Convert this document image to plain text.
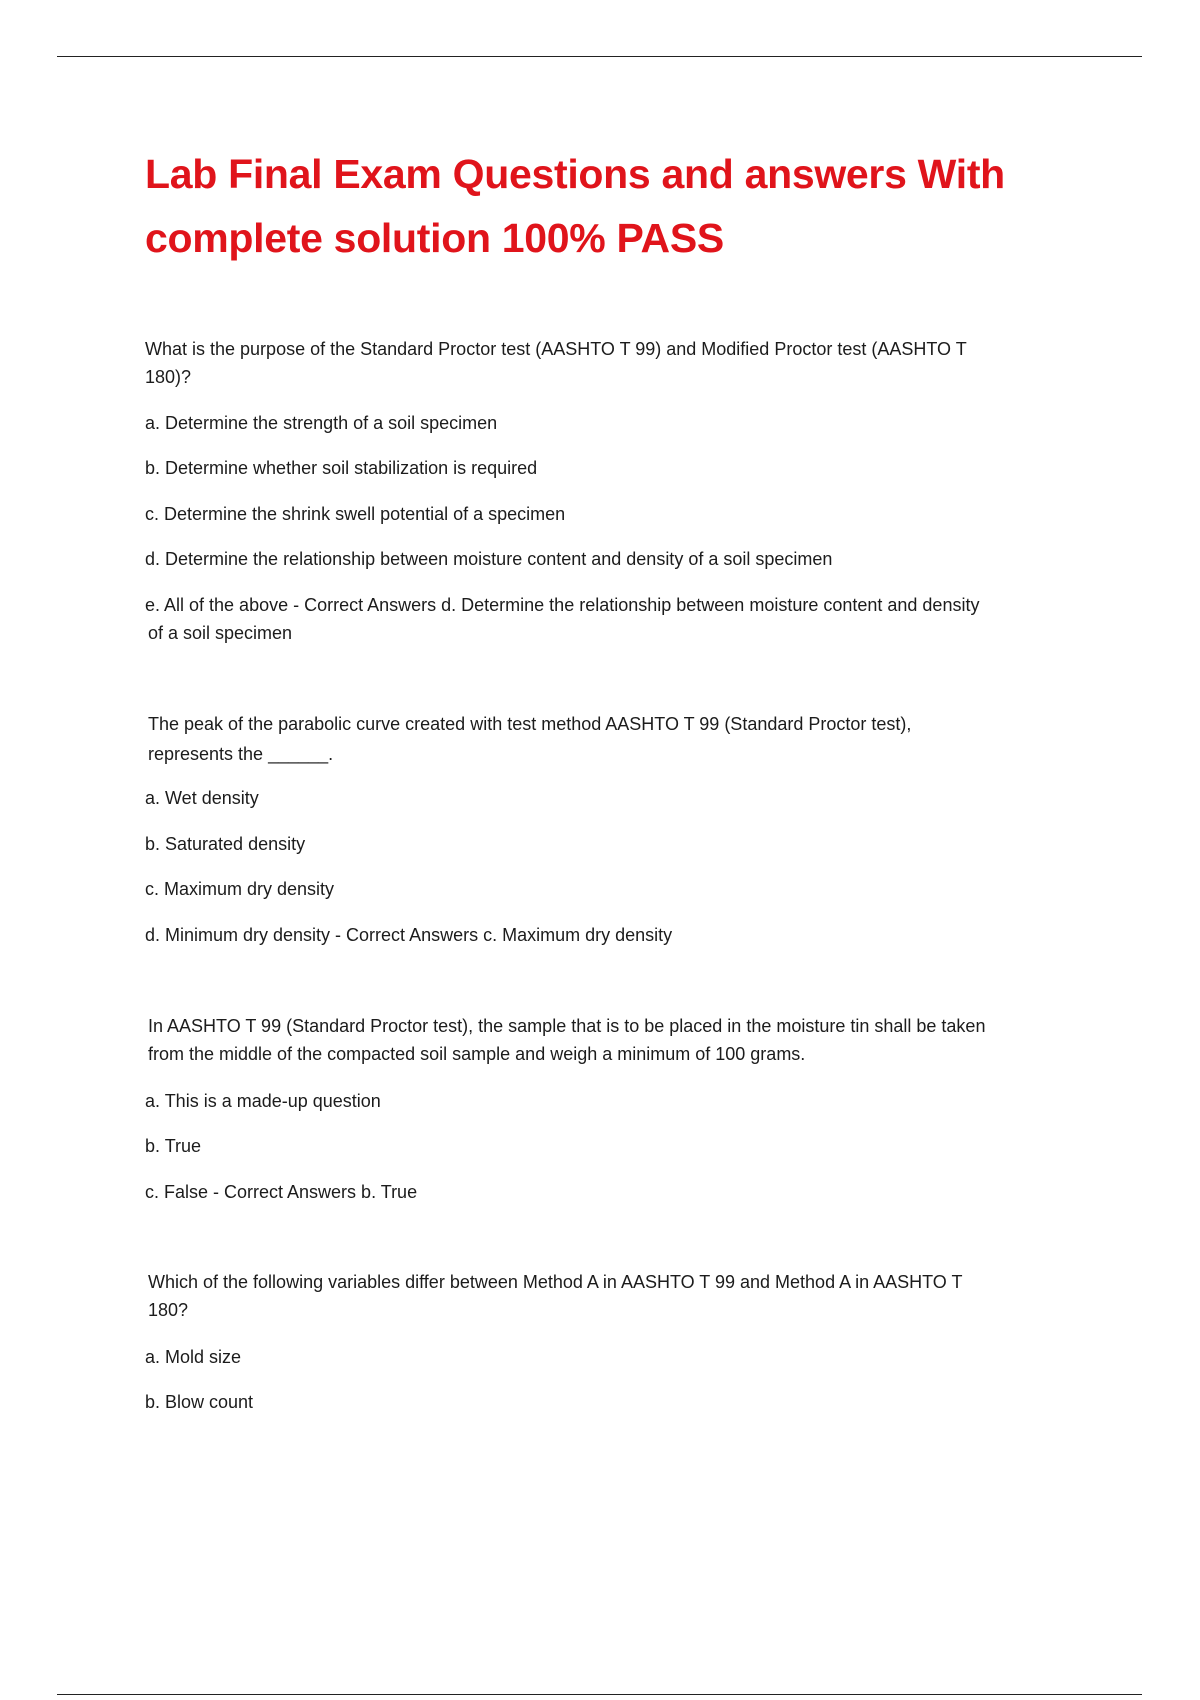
Lab Final Exam Questions and answers With
complete solution 100% PASS

What is the purpose of the Standard Proctor test (AASHTO T 99) and Modified Proctor test (AASHTO T

180)?

a. Determine the strength of a soil specimen

b. Determine whether soil stabilization is required

c. Determine the shrink swell potential of a specimen

d. Determine the relationship between moisture content and density of a soil specimen

e. All of the above - Correct Answers d. Determine the relationship between moisture content and density

of a soil specimen

The peak of the parabolic curve created with test method AASHTO T 99 (Standard Proctor test),

represents the ______.

a. Wet density

b. Saturated density

c. Maximum dry density

d. Minimum dry density - Correct Answers c. Maximum dry density

In AASHTO T 99 (Standard Proctor test), the sample that is to be placed in the moisture tin shall be taken

from the middle of the compacted soil sample and weigh a minimum of 100 grams.

a. This is a made-up question

b. True

c. False - Correct Answers b. True

Which of the following variables differ between Method A in AASHTO T 99 and Method A in AASHTO T

180?

a. Mold size

b. Blow count
